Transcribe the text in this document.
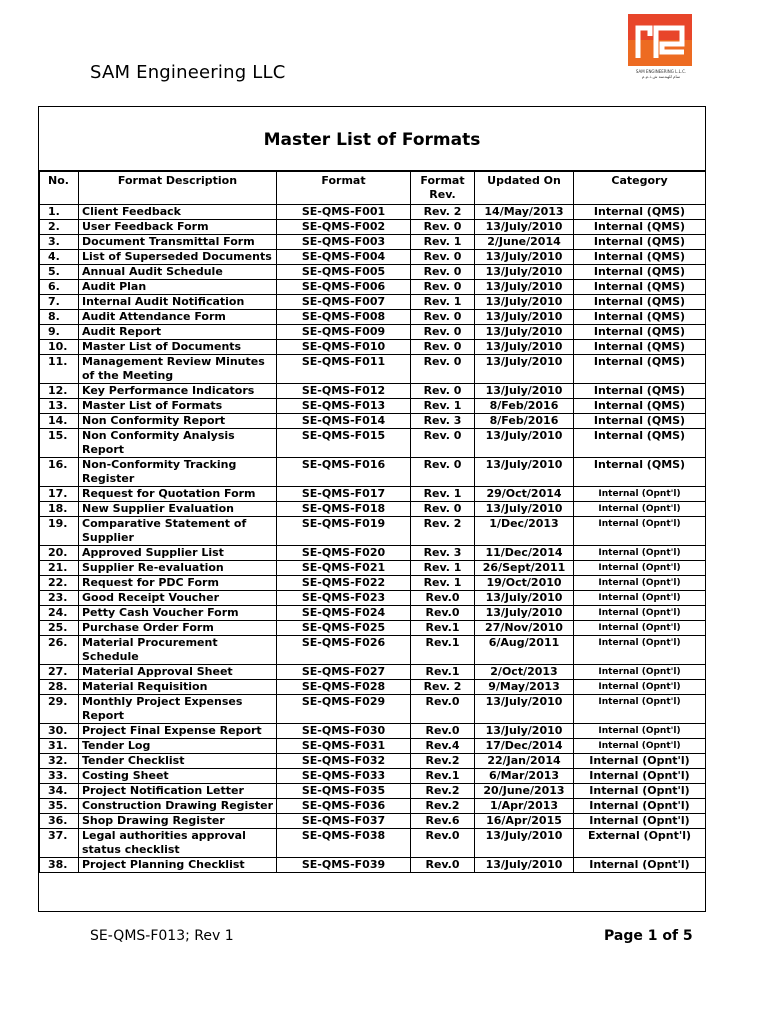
SAM Engineering LLC	SAM ENGINEERING L.L.C.
سام للهندسة ش.ذ.م.م
Master List of Formats
No.	Format Description	Format	Format Rev.	Updated On	Category
1.	Client Feedback	SE-QMS-F001	Rev. 2	14/May/2013	Internal (QMS)
2.	User Feedback Form	SE-QMS-F002	Rev. 0	13/July/2010	Internal (QMS)
3.	Document Transmittal Form	SE-QMS-F003	Rev. 1	2/June/2014	Internal (QMS)
4.	List of Superseded Documents	SE-QMS-F004	Rev. 0	13/July/2010	Internal (QMS)
5.	Annual Audit Schedule	SE-QMS-F005	Rev. 0	13/July/2010	Internal (QMS)
6.	Audit Plan	SE-QMS-F006	Rev. 0	13/July/2010	Internal (QMS)
7.	Internal Audit Notification	SE-QMS-F007	Rev. 1	13/July/2010	Internal (QMS)
8.	Audit Attendance Form	SE-QMS-F008	Rev. 0	13/July/2010	Internal (QMS)
9.	Audit Report	SE-QMS-F009	Rev. 0	13/July/2010	Internal (QMS)
10.	Master List of Documents	SE-QMS-F010	Rev. 0	13/July/2010	Internal (QMS)
11.	Management Review Minutes of the Meeting	SE-QMS-F011	Rev. 0	13/July/2010	Internal (QMS)
12.	Key Performance Indicators	SE-QMS-F012	Rev. 0	13/July/2010	Internal (QMS)
13.	Master List of Formats	SE-QMS-F013	Rev. 1	8/Feb/2016	Internal (QMS)
14.	Non Conformity Report	SE-QMS-F014	Rev. 3	8/Feb/2016	Internal (QMS)
15.	Non Conformity Analysis Report	SE-QMS-F015	Rev. 0	13/July/2010	Internal (QMS)
16.	Non-Conformity Tracking Register	SE-QMS-F016	Rev. 0	13/July/2010	Internal (QMS)
17.	Request for Quotation Form	SE-QMS-F017	Rev. 1	29/Oct/2014	Internal (Opnt'l)
18.	New Supplier Evaluation	SE-QMS-F018	Rev. 0	13/July/2010	Internal (Opnt'l)
19.	Comparative Statement of Supplier	SE-QMS-F019	Rev. 2	1/Dec/2013	Internal (Opnt'l)
20.	Approved Supplier List	SE-QMS-F020	Rev. 3	11/Dec/2014	Internal (Opnt'l)
21.	Supplier Re-evaluation	SE-QMS-F021	Rev. 1	26/Sept/2011	Internal (Opnt'l)
22.	Request for PDC Form	SE-QMS-F022	Rev. 1	19/Oct/2010	Internal (Opnt'l)
23.	Good Receipt Voucher	SE-QMS-F023	Rev.0	13/July/2010	Internal (Opnt'l)
24.	Petty Cash Voucher Form	SE-QMS-F024	Rev.0	13/July/2010	Internal (Opnt'l)
25.	Purchase Order Form	SE-QMS-F025	Rev.1	27/Nov/2010	Internal (Opnt'l)
26.	Material Procurement Schedule	SE-QMS-F026	Rev.1	6/Aug/2011	Internal (Opnt'l)
27.	Material Approval Sheet	SE-QMS-F027	Rev.1	2/Oct/2013	Internal (Opnt'l)
28.	Material Requisition	SE-QMS-F028	Rev. 2	9/May/2013	Internal (Opnt'l)
29.	Monthly Project Expenses Report	SE-QMS-F029	Rev.0	13/July/2010	Internal (Opnt'l)
30.	Project Final Expense Report	SE-QMS-F030	Rev.0	13/July/2010	Internal (Opnt'l)
31.	Tender Log	SE-QMS-F031	Rev.4	17/Dec/2014	Internal (Opnt'l)
32.	Tender Checklist	SE-QMS-F032	Rev.2	22/Jan/2014	Internal (Opnt'l)
33.	Costing Sheet	SE-QMS-F033	Rev.1	6/Mar/2013	Internal (Opnt'l)
34.	Project Notification Letter	SE-QMS-F035	Rev.2	20/June/2013	Internal (Opnt'l)
35.	Construction Drawing Register	SE-QMS-F036	Rev.2	1/Apr/2013	Internal (Opnt'l)
36.	Shop Drawing Register	SE-QMS-F037	Rev.6	16/Apr/2015	Internal (Opnt'l)
37.	Legal authorities approval status checklist	SE-QMS-F038	Rev.0	13/July/2010	External (Opnt'l)
38.	Project Planning Checklist	SE-QMS-F039	Rev.0	13/July/2010	Internal (Opnt'l)
SE-QMS-F013; Rev 1	Page 1 of 5
